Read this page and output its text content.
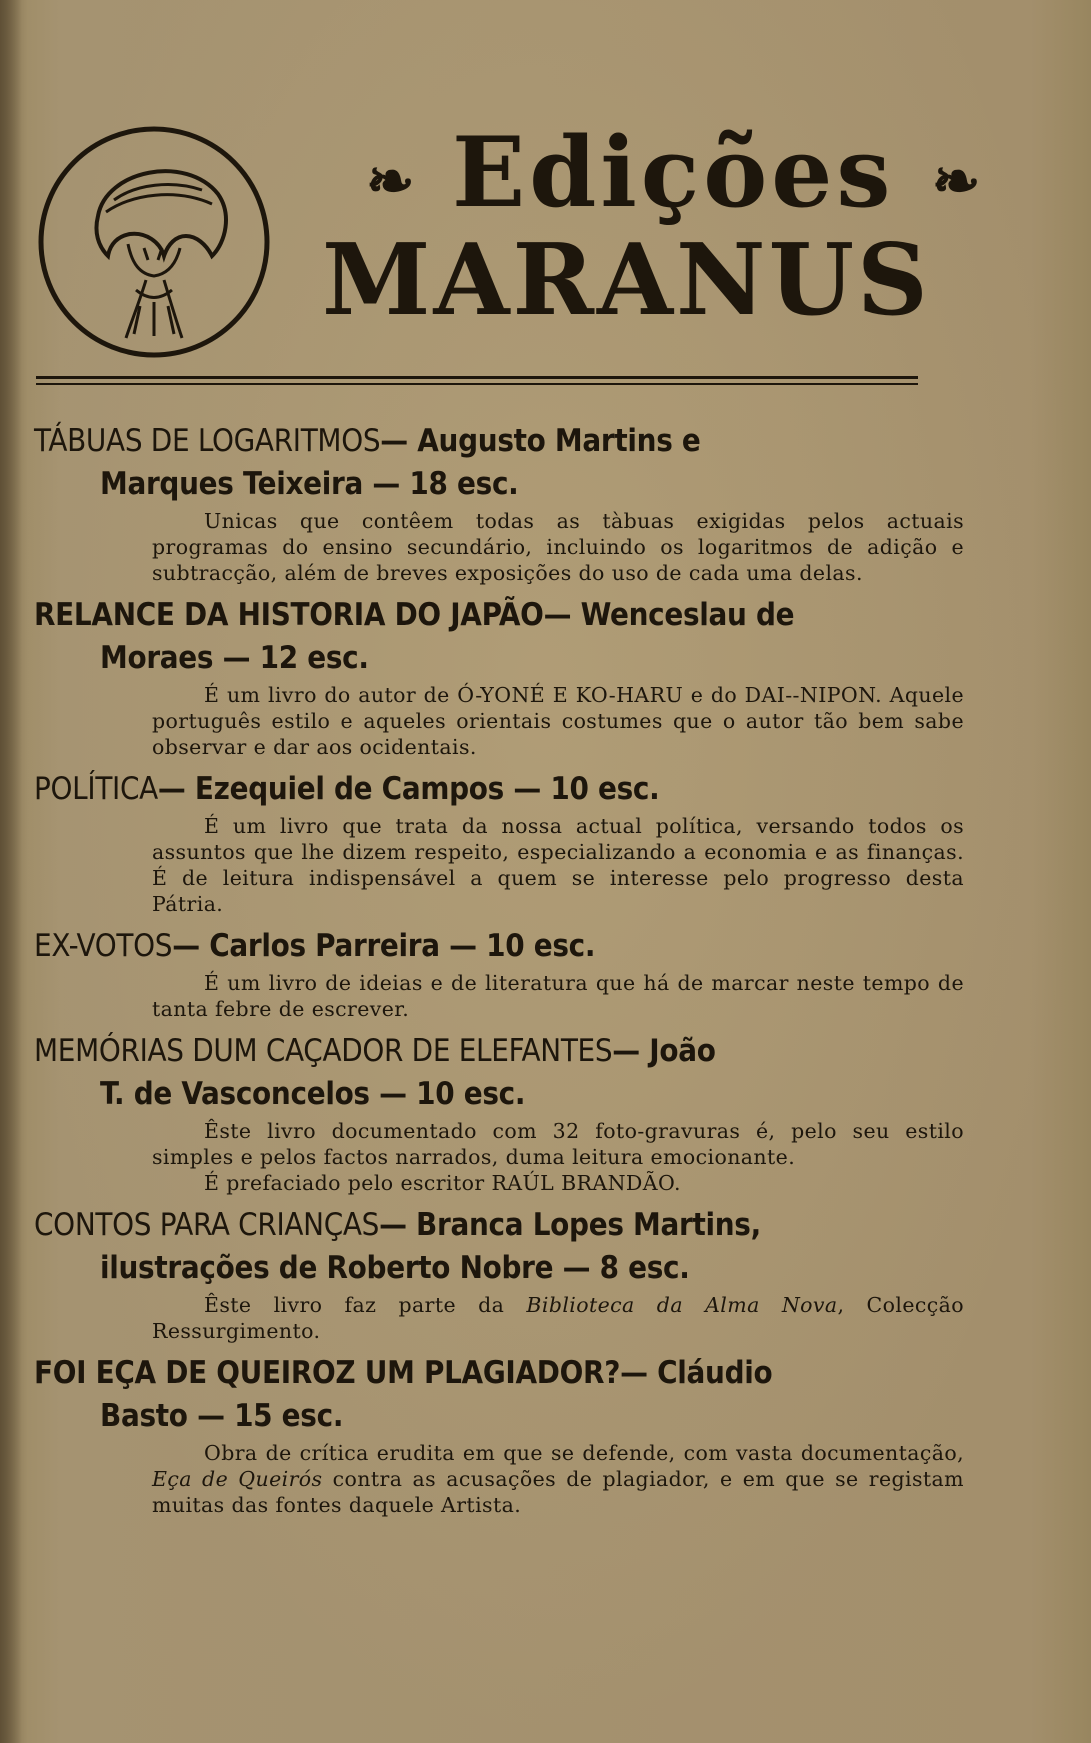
❧ Edições ❧
MARANUS

TÁBUAS DE LOGARITMOS— Augusto Martins e
Marques Teixeira — 18 esc.

Unicas que contêem todas as tàbuas exigidas pelos actuais programas do ensino secundário, incluindo os logaritmos de adição e subtracção, além de breves exposições do uso de cada uma delas.

RELANCE DA HISTORIA DO JAPÃO— Wenceslau de
Moraes — 12 esc.

É um livro do autor de Ó-YONÉ E KO-HARU e do DAI--NIPON. Aquele português estilo e aqueles orientais costumes que o autor tão bem sabe observar e dar aos ocidentais.

POLÍTICA— Ezequiel de Campos — 10 esc.

É um livro que trata da nossa actual política, versando todos os assuntos que lhe dizem respeito, especializando a economia e as finanças. É de leitura indispensável a quem se interesse pelo progresso desta Pátria.

EX-VOTOS— Carlos Parreira — 10 esc.

É um livro de ideias e de literatura que há de marcar neste tempo de tanta febre de escrever.

MEMÓRIAS DUM CAÇADOR DE ELEFANTES— João
T. de Vasconcelos — 10 esc.

Êste livro documentado com 32 foto-gravuras é, pelo seu estilo simples e pelos factos narrados, duma leitura emocionante.

É prefaciado pelo escritor RAÚL BRANDÃO.

CONTOS PARA CRIANÇAS— Branca Lopes Martins,
ilustrações de Roberto Nobre — 8 esc.

Êste livro faz parte da Biblioteca da Alma Nova, Colecção Ressurgimento.

FOI EÇA DE QUEIROZ UM PLAGIADOR?— Cláudio
Basto — 15 esc.

Obra de crítica erudita em que se defende, com vasta documentação, Eça de Queirós contra as acusações de plagiador, e em que se registam muitas das fontes daquele Artista.
